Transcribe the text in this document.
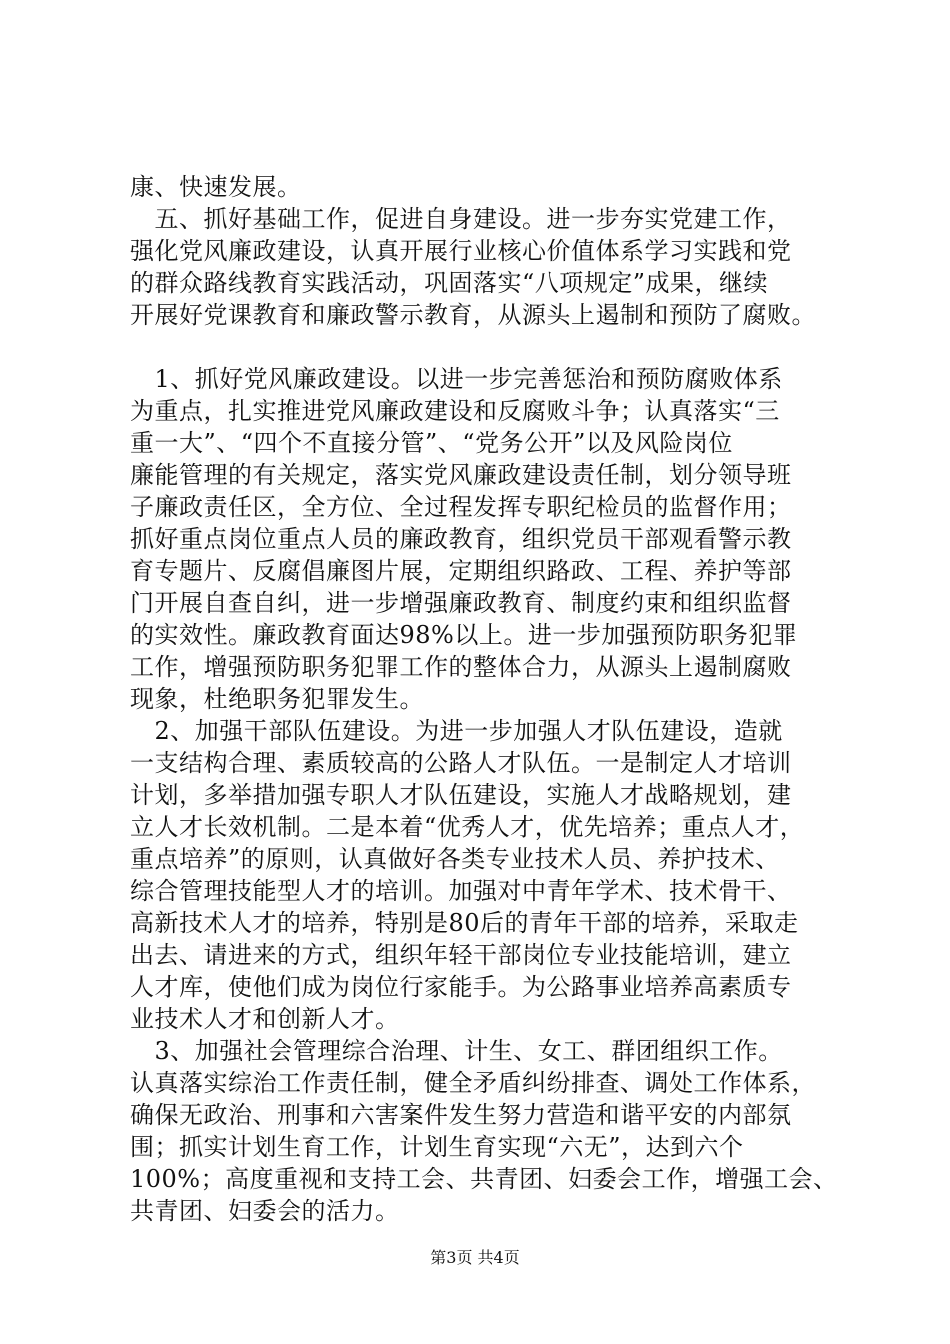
康、快速发展。
　五、抓好基础工作，促进自身建设。进一步夯实党建工作，
强化党风廉政建设，认真开展行业核心价值体系学习实践和党
的群众路线教育实践活动，巩固落实“八项规定”成果，继续
开展好党课教育和廉政警示教育，从源头上遏制和预防了腐败。
　1、抓好党风廉政建设。以进一步完善惩治和预防腐败体系
为重点，扎实推进党风廉政建设和反腐败斗争；认真落实“三
重一大”、“四个不直接分管”、“党务公开”以及风险岗位
廉能管理的有关规定，落实党风廉政建设责任制，划分领导班
子廉政责任区，全方位、全过程发挥专职纪检员的监督作用；
抓好重点岗位重点人员的廉政教育，组织党员干部观看警示教
育专题片、反腐倡廉图片展，定期组织路政、工程、养护等部
门开展自查自纠，进一步增强廉政教育、制度约束和组织监督
的实效性。廉政教育面达98%以上。进一步加强预防职务犯罪
工作，增强预防职务犯罪工作的整体合力，从源头上遏制腐败
现象，杜绝职务犯罪发生。
　2、加强干部队伍建设。为进一步加强人才队伍建设，造就
一支结构合理、素质较高的公路人才队伍。一是制定人才培训
计划，多举措加强专职人才队伍建设，实施人才战略规划，建
立人才长效机制。二是本着“优秀人才，优先培养；重点人才，
重点培养”的原则，认真做好各类专业技术人员、养护技术、
综合管理技能型人才的培训。加强对中青年学术、技术骨干、
高新技术人才的培养，特别是80后的青年干部的培养，采取走
出去、请进来的方式，组织年轻干部岗位专业技能培训，建立
人才库，使他们成为岗位行家能手。为公路事业培养高素质专
业技术人才和创新人才。
　3、加强社会管理综合治理、计生、女工、群团组织工作。
认真落实综治工作责任制，健全矛盾纠纷排查、调处工作体系，
确保无政治、刑事和六害案件发生努力营造和谐平安的内部氛
围；抓实计划生育工作，计划生育实现“六无”，达到六个
100%；高度重视和支持工会、共青团、妇委会工作，增强工会、
共青团、妇委会的活力。
第3页 共4页
